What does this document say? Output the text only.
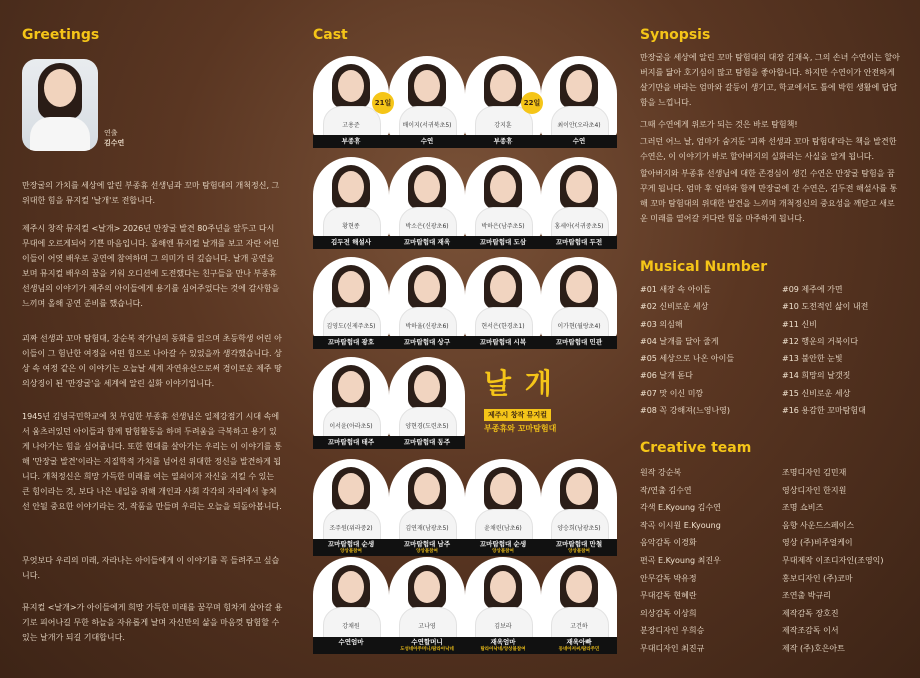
Greetings
연출
김수연

만장굴의 가치를 세상에 알린 부종휴 선생님과 꼬마 탐험대의 개척정신, 그 위대한 힘을 뮤지컬 '날개'로 전합니다.

제주시 창작 뮤지컬 <날개> 2026년 만장굴 발견 80주년을 앞두고 다시 무대에 오르게되어 기쁜 마음입니다. 올해엔 뮤지컬 날개를 보고 자란 어린이들이 어엿 배우로 공연에 참여하며 그 의미가 더 깊습니다. 날개 공연을 보며 뮤지컬 배우의 꿈을 키워 오디션에 도전했다는 친구들을 만나 부종휴 선생님의 이야기가 제주의 아이들에게 용기를 심어주었다는 것에 감사함을 느끼며 올해 공연 준비를 했습니다.

괴짜 선생과 꼬마 탐험대, 강순복 작가님의 동화를 읽으며 초등학생 어린 아이들이 그 험난한 여정을 어떤 힘으로 나아갈 수 있었을까 생각했습니다. 상상 속 여정 같은 이 이야기는 오늘날 세계 자연유산으로써 경이로운 제주 땅의상징이 된 '만장굴'을 세계에 알린 실화 이야기입니다.

1945년 김녕국민학교에 첫 부임한 부종휴 선생님은 일제강점기 시대 속에서 움츠러있던 아이들과 함께 탐험활동을 하며 두려움을 극복하고 용기 있게 나아가는 힘을 심어줍니다. 또한 현대를 살아가는 우리는 이 이야기를 통해 '만장굴 발견'이라는 지질학적 가치를 넘어선 위대한 정신을 발견하게 됩니다. 개척정신은 희망 가득한 미래를 여는 열쇠이자 자신을 지킬 수 있는 큰 힘이라는 것, 보다 나은 내일을 위해 개인과 사회 각각의 자리에서 놓쳐선 안될 중요한 이야기라는 것, 작품을 만들며 우리는 오늘을 되돌아봅니다.

무엇보다 우리의 미래, 자라나는 아이들에게 이 이야기를 꼭 들려주고 싶습니다.

뮤지컬 <날개>가 아이들에게 희망 가득한 미래를 꿈꾸며 힘차게 살아갈 용기로 피어나길 무한 하늘을 자유롭게 날며 자신만의 삶을 마음껏 탐험할 수 있는 날개가 되길 기대합니다.

Cast
고용준
부종휴
배이지(서귀북초5)
수연
강지훈
부종휴
최이안(오라초4)
수연
황현종
김두전 해설사
박소은(신광초6)
꼬마탐험대 재욱
박하은(남주초5)
꼬마탐험대 도삼
홍세아(서귀중초5)
꼬마탐험대 두전
김영도(신제주초5)
꼬마탐험대 광호
박하율(신광초6)
꼬마탐험대 상구
현서은(한경초1)
꼬마탐험대 시복
이가현(월랑초4)
꼬마탐험대 민관
이서윤(아라초5)
꼬마탐험대 태주
양현경(도련초5)
꼬마탐험대 동주
조주원(위라중2)
꼬마탐험대 순생
앙상블참여
김연재(남광초5)
꼬마탐험대 남주
앙상블참여
윤채린(남초6)
꼬마탐험대 순생
앙상블참여
양승희(남광초5)
꼬마탐험대 만철
앙상블참여
강채원
수연엄마
고나영
수연할머니
도성네아주머니/탐라아낙네
김보라
재욱엄마
탐라아낙네/앙상블참여
고건하
재욱아빠
동네아저씨/탐라주민
21일	22일
날 개
제주시 창작 뮤지컬
부종휴와 꼬마탐험대
Synopsis

만장굴을 세상에 알린 꼬마 탐험대의 대장 김재욱, 그의 손녀 수연이는 할아버지를 닮아 호기심이 많고 탐험을 좋아합니다. 하지만 수연이가 안전하게 살기만을 바라는 엄마와 갈등이 생기고, 학교에서도 틀에 박힌 생활에 답답함을 느낍니다.

그때 수연에게 위로가 되는 것은 바로 탐험책!

그러던 어느 날, 엄마가 숨겨둔 '괴짜 선생과 꼬마 탐험대'라는 책을 발견한 수연은, 이 이야기가 바로 할아버지의 실화라는 사실을 알게 됩니다.

할아버지와 부종휴 선생님에 대한 존경심이 생긴 수연은 만장굴 탐험을 꿈꾸게 됩니다. 엄마 후 엄마와 함께 만장굴에 간 수연은, 김두전 해설사를 통해 꼬마 탐험대의 위대한 발견을 느끼며 개척정신의 중요성을 깨닫고 새로운 미래를 열어갈 커다란 힘을 마주하게 됩니다.

Musical Number
#01 새장 속 아이들
#02 신비로운 세상
#03 의심해
#04 날개를 달아 줄게
#05 세상으로 나온 아이들
#06 날개 돋다
#07 맛 이신 미깡
#08 꼭 강해져(느영나영)
#09 제주에 가면
#10 도전적인 삶이 내전
#11 신비
#12 행운의 거북이다
#13 불안한 눈빛
#14 희망의 날갯짓
#15 신비로운 세상
#16 용감한 꼬마탐험대
Creative team
원작 강순복
작/연출 김수연
각색 E.Kyoung 김수연
작곡 이시원 E.Kyoung
음악감독 이경화
편곡 E.Kyoung 최진우
안무감독 박유정
무대감독 현혜란
의상감독 이상희
분장디자인 우희승
무대디자인 최진규
조명디자인 김민재
영상디자인 한지원
조명 쇼비즈
음향 사운드스페이스
영상 (주)비주얼케이
무대제작 이조디자인(조영익)
홍보디자인 (주)코마
조연출 박규리
제작감독 장호진
제작조감독 이서
제작 (주)호은아트
